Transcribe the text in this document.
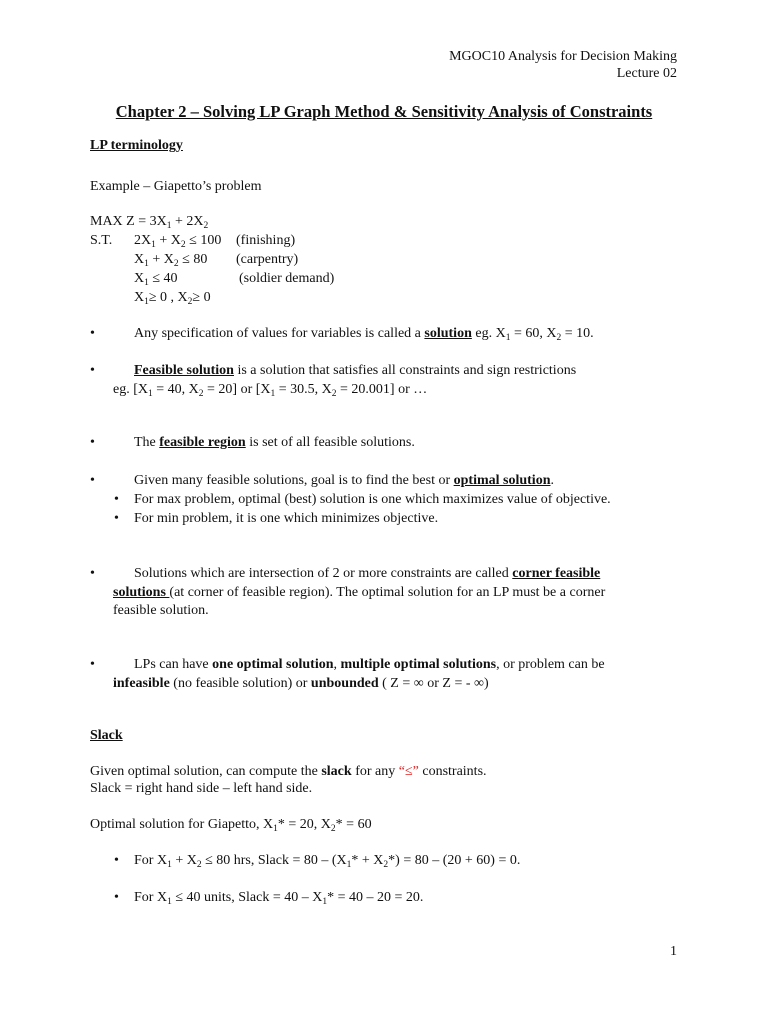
MGOC10 Analysis for Decision Making
Lecture 02
Chapter 2 – Solving LP Graph Method & Sensitivity Analysis of Constraints
LP terminology
Example – Giapetto’s problem
MAX $Z = 3X_1 + 2X_2$
S.T. $2X_1 + X_2 \le 100$ (finishing)
$X_1 + X_2 \le 80$ (carpentry)
$X_1 \le 40$	(soldier demand)
$X_1\ge 0$ , $X_2\ge 0$
•	Any specification of values for variables is called a solution eg. $X_1 = 60$, $X_2 = 10$.
•	Feasible solution is a solution that satisfies all constraints and sign restrictions
eg. [$X_1 = 40$, $X_2 = 20$] or [$X_1 = 30.5$, $X_2 = 20.001$] or …
•	The feasible region is set of all feasible solutions.
•	Given many feasible solutions, goal is to find the best or optimal solution.
• For max problem, optimal (best) solution is one which maximizes value of objective.
• For min problem, it is one which minimizes objective.
•	Solutions which are intersection of 2 or more constraints are called corner feasible
solutions (at corner of feasible region). The optimal solution for an LP must be a corner
feasible solution.
•	LPs can have one optimal solution, multiple optimal solutions, or problem can be
infeasible (no feasible solution) or unbounded ( Z = ∞ or Z = - ∞)
Slack
Given optimal solution, can compute the slack for any “≤” constraints.
Slack = right hand side – left hand side.
Optimal solution for Giapetto, $X_1* = 20$, $X_2* = 60$
• For $X_1 + X_2 \le 80$ hrs, Slack = $80 - (X_1* + X_2*) = 80 - (20 + 60) = 0$.
• For $X_1 \le 40$ units, Slack = $40 - X_1* = 40 - 20 = 20$.
1
